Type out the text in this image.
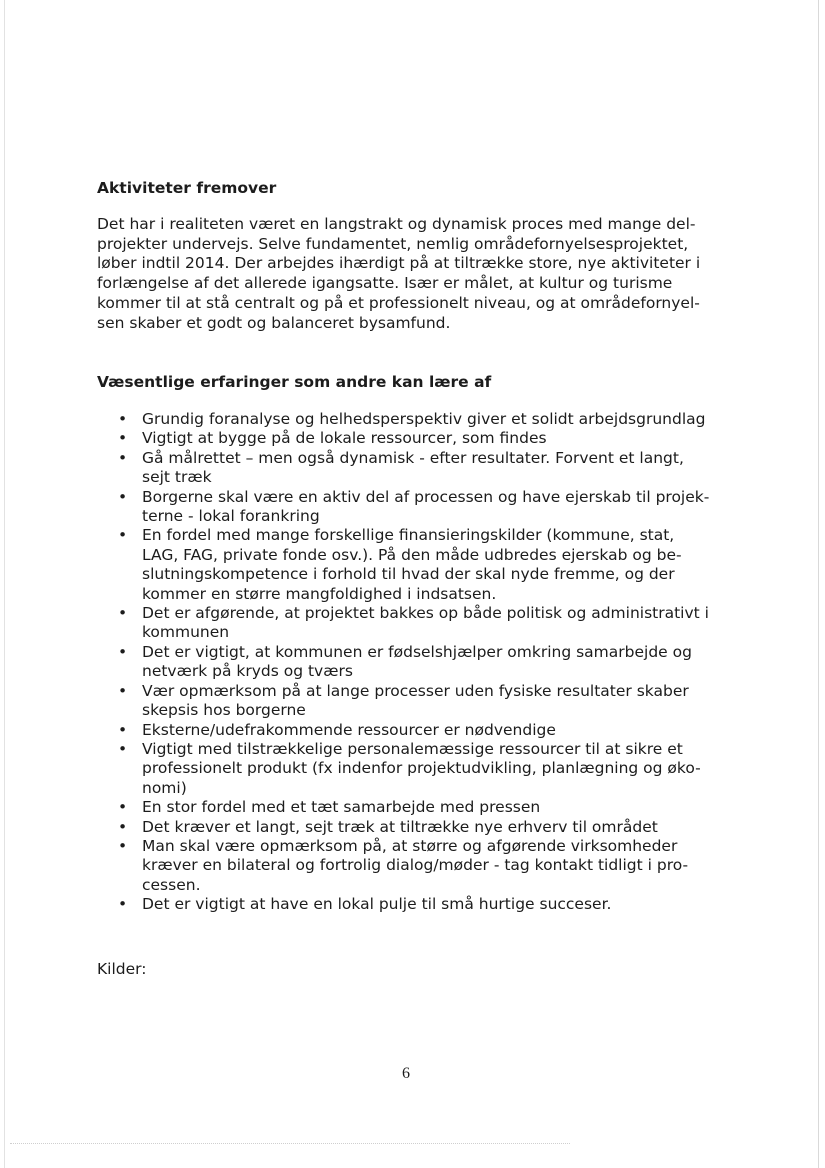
Aktiviteter fremover

Det har i realiteten været en langstrakt og dynamisk proces med mange del-
projekter undervejs. Selve fundamentet, nemlig områdefornyelsesprojektet,
løber indtil 2014. Der arbejdes ihærdigt på at tiltrække store, nye aktiviteter i
forlængelse af det allerede igangsatte. Især er målet, at kultur og turisme
kommer til at stå centralt og på et professionelt niveau, og at områdefornyel-
sen skaber et godt og balanceret bysamfund.

Væsentlige erfaringer som andre kan lære af
• Grundig foranalyse og helhedsperspektiv giver et solidt arbejdsgrundlag
• Vigtigt at bygge på de lokale ressourcer, som findes
• Gå målrettet – men også dynamisk - efter resultater. Forvent et langt,
sejt træk
• Borgerne skal være en aktiv del af processen og have ejerskab til projek-
terne - lokal forankring
• En fordel med mange forskellige finansieringskilder (kommune, stat,
LAG, FAG, private fonde osv.). På den måde udbredes ejerskab og be-
slutningskompetence i forhold til hvad der skal nyde fremme, og der
kommer en større mangfoldighed i indsatsen.
• Det er afgørende, at projektet bakkes op både politisk og administrativt i
kommunen
• Det er vigtigt, at kommunen er fødselshjælper omkring samarbejde og
netværk på kryds og tværs
• Vær opmærksom på at lange processer uden fysiske resultater skaber
skepsis hos borgerne
• Eksterne/udefrakommende ressourcer er nødvendige
• Vigtigt med tilstrækkelige personalemæssige ressourcer til at sikre et
professionelt produkt (fx indenfor projektudvikling, planlægning og øko-
nomi)
• En stor fordel med et tæt samarbejde med pressen
• Det kræver et langt, sejt træk at tiltrække nye erhverv til området
• Man skal være opmærksom på, at større og afgørende virksomheder
kræver en bilateral og fortrolig dialog/møder - tag kontakt tidligt i pro-
cessen.
• Det er vigtigt at have en lokal pulje til små hurtige succeser.

Kilder:

6
